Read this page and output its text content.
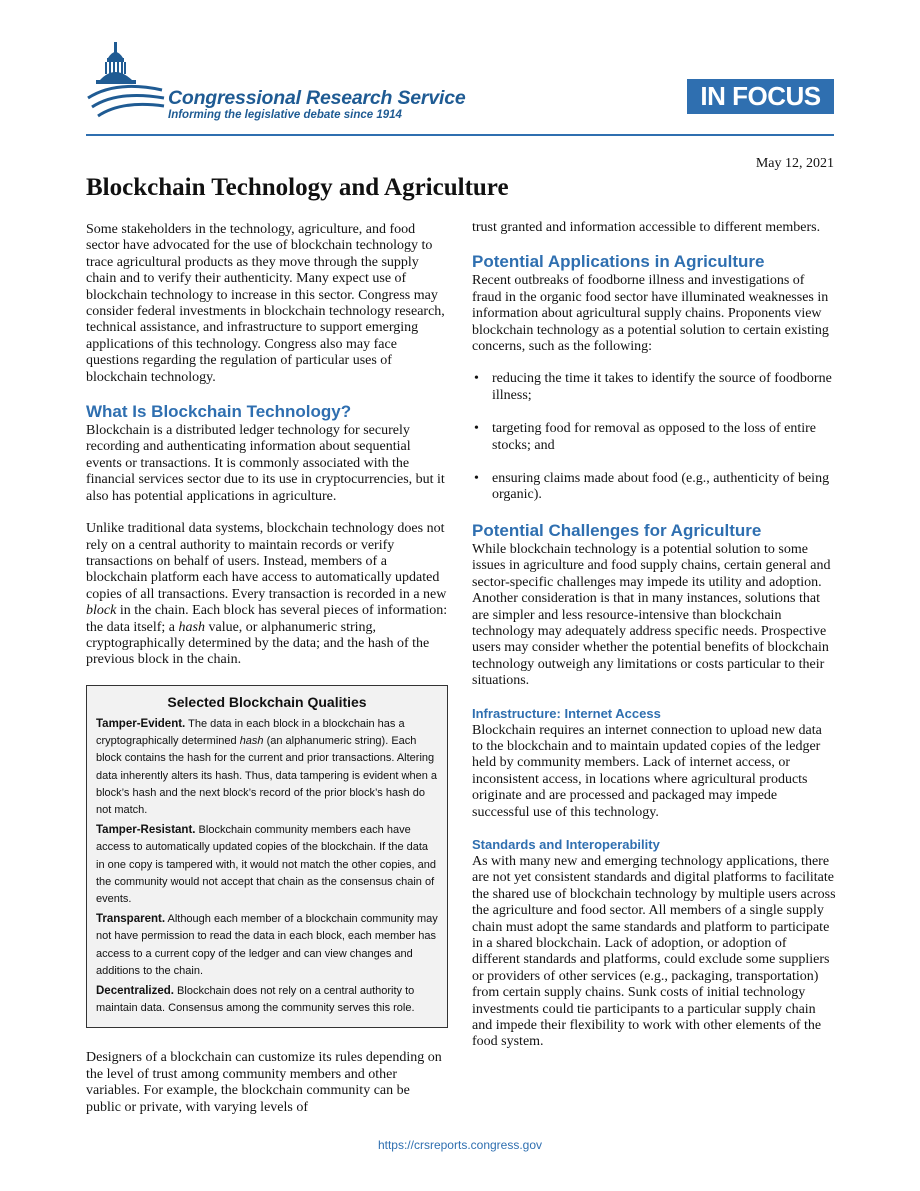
Congressional Research Service
Informing the legislative debate since 1914
IN FOCUS
May 12, 2021
Blockchain Technology and Agriculture

Some stakeholders in the technology, agriculture, and food sector have advocated for the use of blockchain technology to trace agricultural products as they move through the supply chain and to verify their authenticity. Many expect use of blockchain technology to increase in this sector. Congress may consider federal investments in blockchain technology research, technical assistance, and infrastructure to support emerging applications of this technology. Congress also may face questions regarding the regulation of particular uses of blockchain technology.

What Is Blockchain Technology?

Blockchain is a distributed ledger technology for securely recording and authenticating information about sequential events or transactions. It is commonly associated with the financial services sector due to its use in cryptocurrencies, but it also has potential applications in agriculture.

Unlike traditional data systems, blockchain technology does not rely on a central authority to maintain records or verify transactions on behalf of users. Instead, members of a blockchain platform each have access to automatically updated copies of all transactions. Every transaction is recorded in a new block in the chain. Each block has several pieces of information: the data itself; a hash value, or alphanumeric string, cryptographically determined by the data; and the hash of the previous block in the chain.

Selected Blockchain Qualities

Tamper-Evident. The data in each block in a blockchain has a cryptographically determined hash (an alphanumeric string). Each block contains the hash for the current and prior transactions. Altering data inherently alters its hash. Thus, data tampering is evident when a block’s hash and the next block’s record of the prior block’s hash do not match.

Tamper-Resistant. Blockchain community members each have access to automatically updated copies of the blockchain. If the data in one copy is tampered with, it would not match the other copies, and the community would not accept that chain as the consensus chain of events.

Transparent. Although each member of a blockchain community may not have permission to read the data in each block, each member has access to a current copy of the ledger and can view changes and additions to the chain.

Decentralized. Blockchain does not rely on a central authority to maintain data. Consensus among the community serves this role.

Designers of a blockchain can customize its rules depending on the level of trust among community members and other variables. For example, the blockchain community can be public or private, with varying levels of

trust granted and information accessible to different members.

Potential Applications in Agriculture

Recent outbreaks of foodborne illness and investigations of fraud in the organic food sector have illuminated weaknesses in information about agricultural supply chains. Proponents view blockchain technology as a potential solution to certain existing concerns, such as the following:

• reducing the time it takes to identify the source of foodborne illness;
• targeting food for removal as opposed to the loss of entire stocks; and
• ensuring claims made about food (e.g., authenticity of being organic).
Potential Challenges for Agriculture

While blockchain technology is a potential solution to some issues in agriculture and food supply chains, certain general and sector-specific challenges may impede its utility and adoption. Another consideration is that in many instances, solutions that are simpler and less resource-intensive than blockchain technology may adequately address specific needs. Prospective users may consider whether the potential benefits of blockchain technology outweigh any limitations or costs particular to their situations.

Infrastructure: Internet Access

Blockchain requires an internet connection to upload new data to the blockchain and to maintain updated copies of the ledger held by community members. Lack of internet access, or inconsistent access, in locations where agricultural products originate and are processed and packaged may impede successful use of this technology.

Standards and Interoperability

As with many new and emerging technology applications, there are not yet consistent standards and digital platforms to facilitate the shared use of blockchain technology by multiple users across the agriculture and food sector. All members of a single supply chain must adopt the same standards and platform to participate in a shared blockchain. Lack of adoption, or adoption of different standards and platforms, could exclude some suppliers or providers of other services (e.g., packaging, transportation) from certain supply chains. Sunk costs of initial technology investments could tie participants to a particular supply chain and impede their flexibility to work with other elements of the food system.

https://crsreports.congress.gov
